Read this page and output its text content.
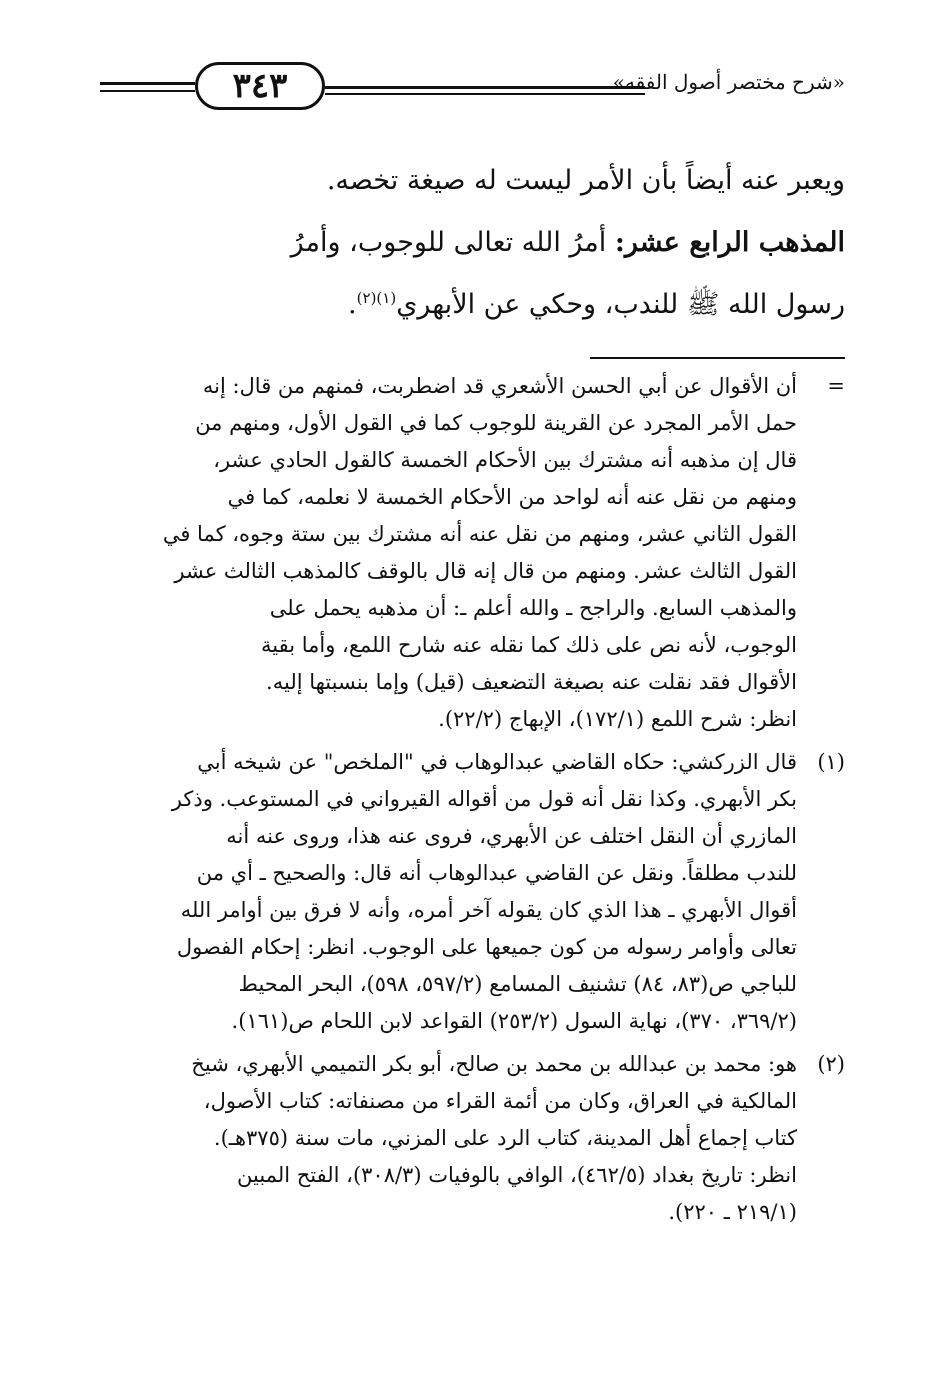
٣٤٣	«شرح مختصر أصول الفقه»

ويعبر عنه أيضاً بأن الأمر ليست له صيغة تخصه.

المذهب الرابع عشر: أمرُ الله تعالى للوجوب، وأمرُ

رسول الله ﷺ للندب، وحكي عن الأبهري$^{(١)(٢)}$.

=
أن الأقوال عن أبي الحسن الأشعري قد اضطربت، فمنهم من قال: إنه
حمل الأمر المجرد عن القرينة للوجوب كما في القول الأول، ومنهم من
قال إن مذهبه أنه مشترك بين الأحكام الخمسة كالقول الحادي عشر،
ومنهم من نقل عنه أنه لواحد من الأحكام الخمسة لا نعلمه، كما في
القول الثاني عشر، ومنهم من نقل عنه أنه مشترك بين ستة وجوه، كما في
القول الثالث عشر. ومنهم من قال إنه قال بالوقف كالمذهب الثالث عشر
والمذهب السابع. والراجح ـ والله أعلم ـ: أن مذهبه يحمل على
الوجوب، لأنه نص على ذلك كما نقله عنه شارح اللمع، وأما بقية
الأقوال فقد نقلت عنه بصيغة التضعيف (قيل) وإما بنسبتها إليه.
انظر: شرح اللمع (١٧٢/١)، الإبهاج (٢٢/٢).
(١)
قال الزركشي: حكاه القاضي عبدالوهاب في "الملخص" عن شيخه أبي
بكر الأبهري. وكذا نقل أنه قول من أقواله القيرواني في المستوعب. وذكر
المازري أن النقل اختلف عن الأبهري، فروى عنه هذا، وروى عنه أنه
للندب مطلقاً. ونقل عن القاضي عبدالوهاب أنه قال: والصحيح ـ أي من
أقوال الأبهري ـ هذا الذي كان يقوله آخر أمره، وأنه لا فرق بين أوامر الله
تعالى وأوامر رسوله من كون جميعها على الوجوب. انظر: إحكام الفصول
للباجي ص(٨٣، ٨٤) تشنيف المسامع (٥٩٧/٢، ٥٩٨)، البحر المحيط
(٣٦٩/٢، ٣٧٠)، نهاية السول (٢٥٣/٢) القواعد لابن اللحام ص(١٦١).
(٢)
هو: محمد بن عبدالله بن محمد بن صالح، أبو بكر التميمي الأبهري، شيخ
المالكية في العراق، وكان من أئمة القراء من مصنفاته: كتاب الأصول،
كتاب إجماع أهل المدينة، كتاب الرد على المزني، مات سنة (٣٧٥هـ).
انظر: تاريخ بغداد (٤٦٢/٥)، الوافي بالوفيات (٣٠٨/٣)، الفتح المبين
(٢١٩/١ ـ ٢٢٠).
